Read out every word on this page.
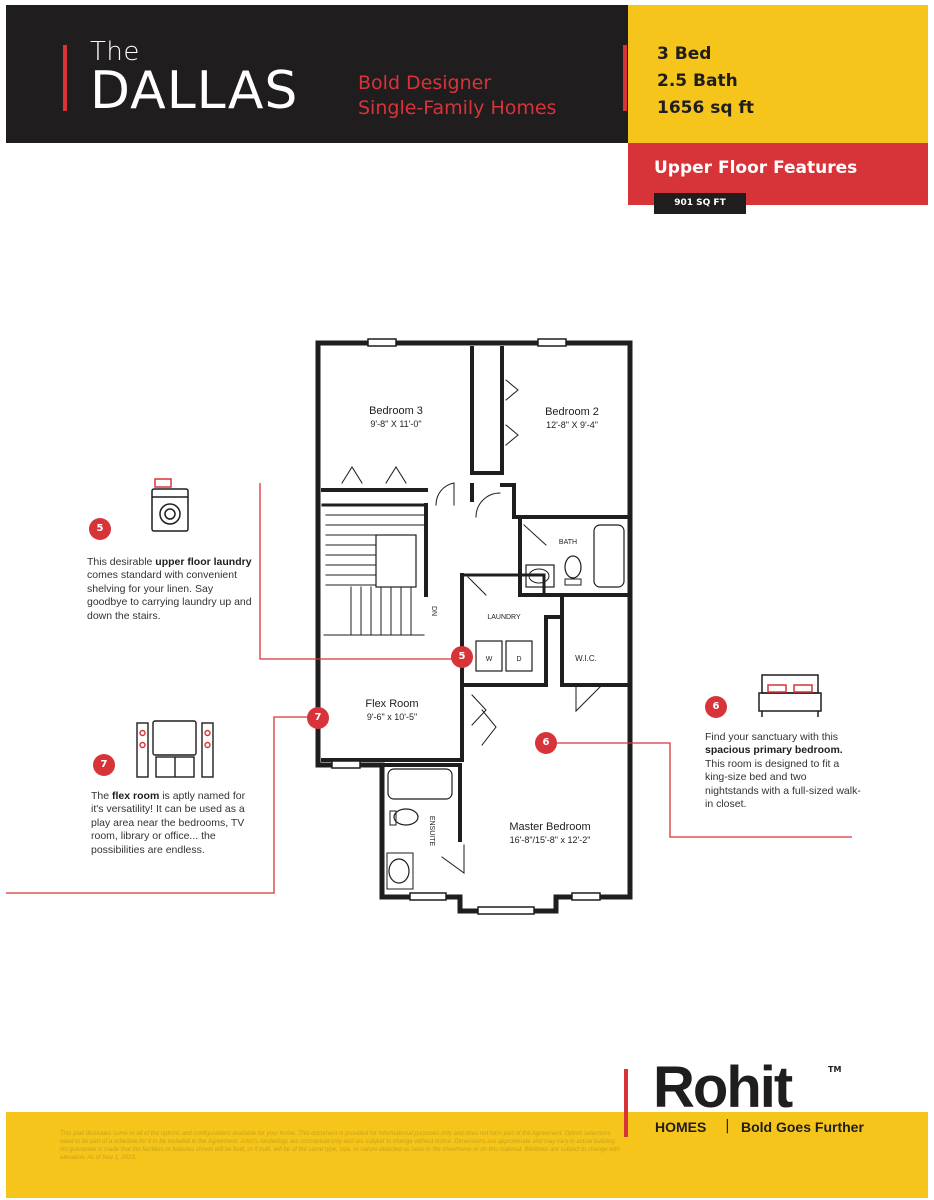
The
DALLAS	Bold Designer
Single-Family Homes
3 Bed
2.5 Bath
1656 sq ft
Upper Floor Features
901 SQ FT
Bedroom 3
9'-8" X 11'-0"
Bedroom 2
12'-8" X 9'-4"
BATH
LAUNDRY
W	D	W.I.C.
DN
Flex Room
9'-6" x 10'-5"
ENSUITE	Master Bedroom
16'-8"/15'-8" x 12'-2"
5
5
This desirable upper floor laundry comes standard with convenient shelving for your linen. Say goodbye to carrying laundry up and down the stairs.
7
7
The flex room is aptly named for it's versatility! It can be used as a play area near the bedrooms, TV room, library or office... the possibilities are endless.
6
6	Find your sanctuary with this spacious primary bedroom. This room is designed to fit a king-size bed and two nightstands with a full-sized walk-in closet.
This plan illustrates some or all of the options and configurations available for your home. This document is provided for informational purposes only and does not form part of the Agreement. Option selections need to be part of a schedule for it to be included in the Agreement. Artist's renderings are conceptual only and are subject to change without notice. Dimensions are approximate and may vary in actual building. No guarantee is made that the facilities or features shown will be built, or if built, will be of the same type, size, or nature depicted as seen in the showhome or on this material. Windows are subject to change with elevation. As of Nov 1, 2023.
Rohit	TM
HOMES | Bold Goes Further
